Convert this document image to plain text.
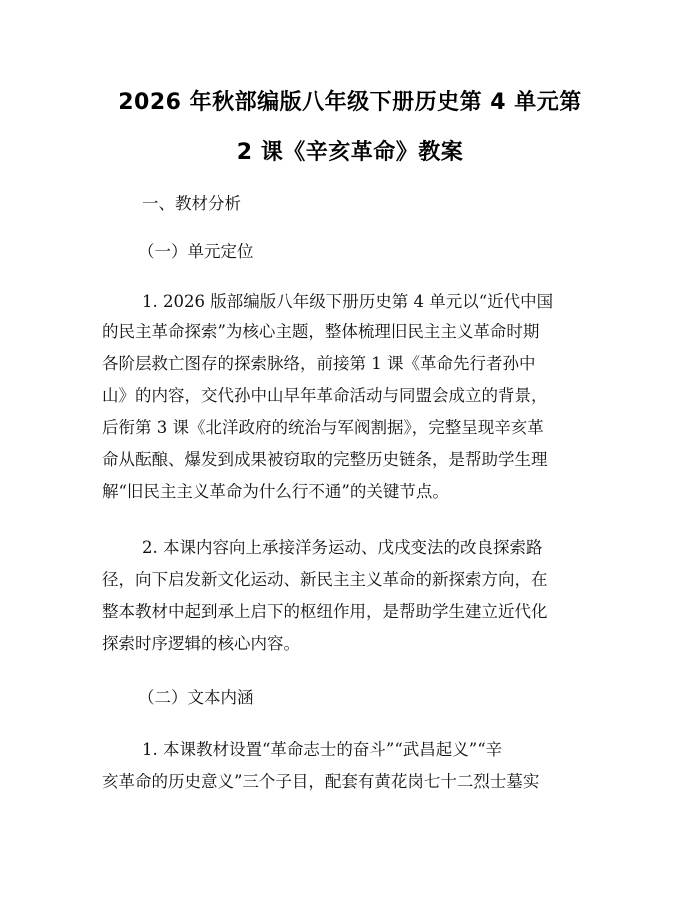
2026 年秋部编版八年级下册历史第 4 单元第
2 课《辛亥革命》教案
一、教材分析
（一）单元定位
1. 2026 版部编版八年级下册历史第 4 单元以“近代中国
的民主革命探索”为核心主题，整体梳理旧民主主义革命时期
各阶层救亡图存的探索脉络，前接第 1 课《革命先行者孙中
山》的内容，交代孙中山早年革命活动与同盟会成立的背景，
后衔第 3 课《北洋政府的统治与军阀割据》，完整呈现辛亥革
命从酝酿、爆发到成果被窃取的完整历史链条，是帮助学生理
解“旧民主主义革命为什么行不通”的关键节点。
2. 本课内容向上承接洋务运动、戊戌变法的改良探索路
径，向下启发新文化运动、新民主主义革命的新探索方向，在
整本教材中起到承上启下的枢纽作用，是帮助学生建立近代化
探索时序逻辑的核心内容。
（二）文本内涵
1. 本课教材设置“革命志士的奋斗”“武昌起义”“辛
亥革命的历史意义”三个子目，配套有黄花岗七十二烈士墓实
